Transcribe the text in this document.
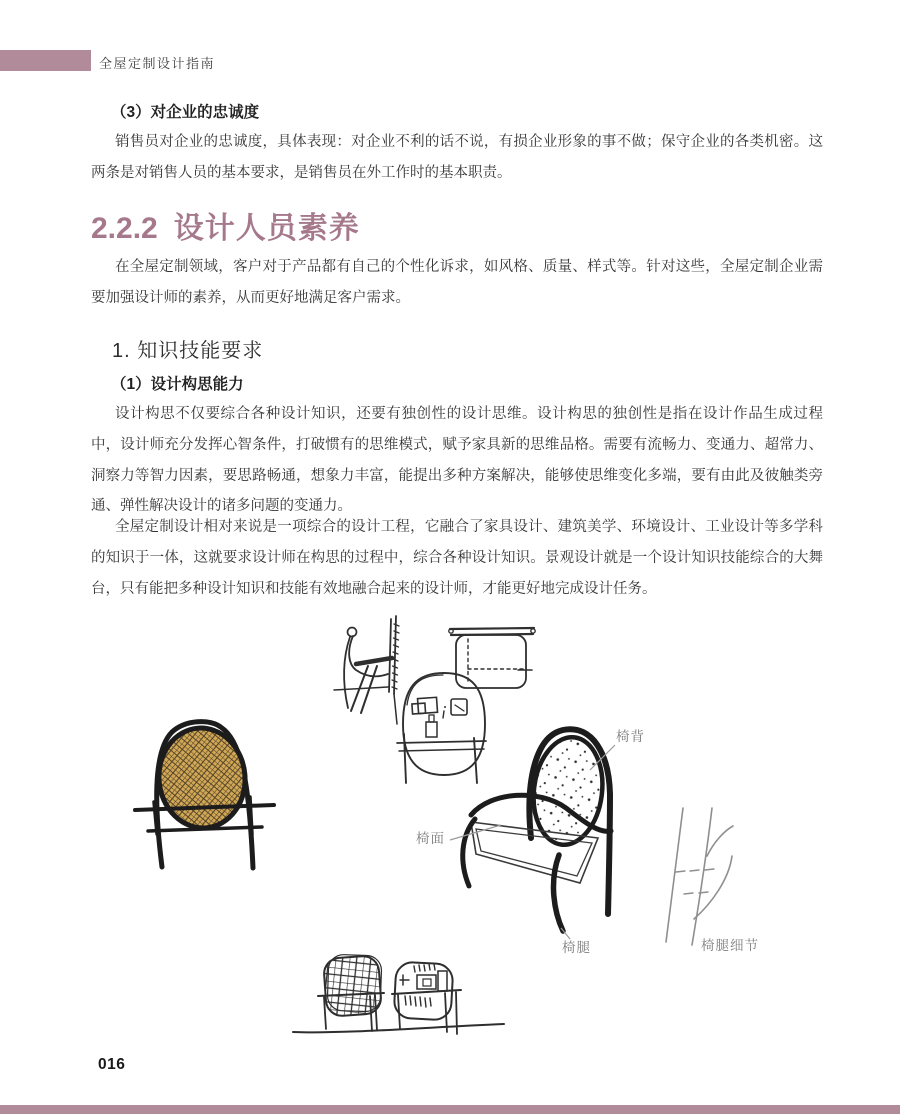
全屋定制设计指南
（3）对企业的忠诚度

销售员对企业的忠诚度，具体表现：对企业不利的话不说，有损企业形象的事不做；保守企业的各类机密。这两条是对销售人员的基本要求，是销售员在外工作时的基本职责。

2.2.2 设计人员素养

在全屋定制领域，客户对于产品都有自己的个性化诉求，如风格、质量、样式等。针对这些，全屋定制企业需要加强设计师的素养，从而更好地满足客户需求。

1. 知识技能要求
（1）设计构思能力

设计构思不仅要综合各种设计知识，还要有独创性的设计思维。设计构思的独创性是指在设计作品生成过程中，设计师充分发挥心智条件，打破惯有的思维模式，赋予家具新的思维品格。需要有流畅力、变通力、超常力、洞察力等智力因素，要思路畅通，想象力丰富，能提出多种方案解决，能够使思维变化多端，要有由此及彼触类旁通、弹性解决设计的诸多问题的变通力。

全屋定制设计相对来说是一项综合的设计工程，它融合了家具设计、建筑美学、环境设计、工业设计等多学科的知识于一体，这就要求设计师在构思的过程中，综合各种设计知识。景观设计就是一个设计知识技能综合的大舞台，只有能把多种设计知识和技能有效地融合起来的设计师，才能更好地完成设计任务。

椅背
椅面
椅腿	椅腿细节
016
